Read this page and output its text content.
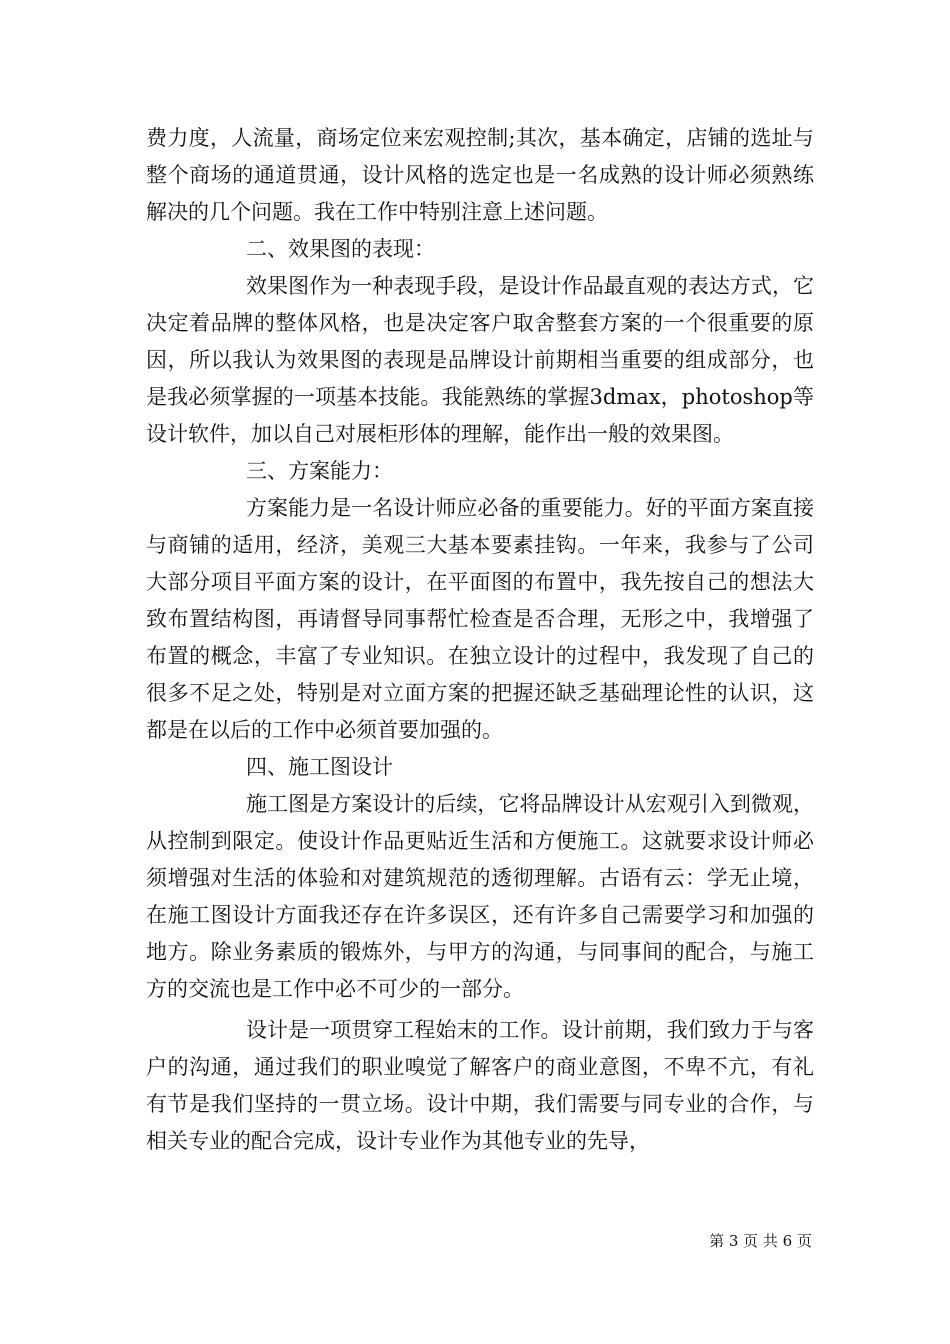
费力度，人流量，商场定位来宏观控制;其次，基本确定，店铺的选址与整个商场的通道贯通，设计风格的选定也是一名成熟的设计师必须熟练解决的几个问题。我在工作中特别注意上述问题。

二、效果图的表现：

效果图作为一种表现手段，是设计作品最直观的表达方式，它决定着品牌的整体风格，也是决定客户取舍整套方案的一个很重要的原因，所以我认为效果图的表现是品牌设计前期相当重要的组成部分，也是我必须掌握的一项基本技能。我能熟练的掌握3dmax，photoshop等设计软件，加以自己对展柜形体的理解，能作出一般的效果图。

三、方案能力：

方案能力是一名设计师应必备的重要能力。好的平面方案直接与商铺的适用，经济，美观三大基本要素挂钩。一年来，我参与了公司大部分项目平面方案的设计，在平面图的布置中，我先按自己的想法大致布置结构图，再请督导同事帮忙检查是否合理，无形之中，我增强了布置的概念，丰富了专业知识。在独立设计的过程中，我发现了自己的很多不足之处，特别是对立面方案的把握还缺乏基础理论性的认识，这都是在以后的工作中必须首要加强的。

四、施工图设计

施工图是方案设计的后续，它将品牌设计从宏观引入到微观，从控制到限定。使设计作品更贴近生活和方便施工。这就要求设计师必须增强对生活的体验和对建筑规范的透彻理解。古语有云：学无止境，在施工图设计方面我还存在许多误区，还有许多自己需要学习和加强的地方。除业务素质的锻炼外，与甲方的沟通，与同事间的配合，与施工方的交流也是工作中必不可少的一部分。

设计是一项贯穿工程始末的工作。设计前期，我们致力于与客户的沟通，通过我们的职业嗅觉了解客户的商业意图，不卑不亢，有礼有节是我们坚持的一贯立场。设计中期，我们需要与同专业的合作，与相关专业的配合完成，设计专业作为其他专业的先导，

第 3 页 共 6 页
